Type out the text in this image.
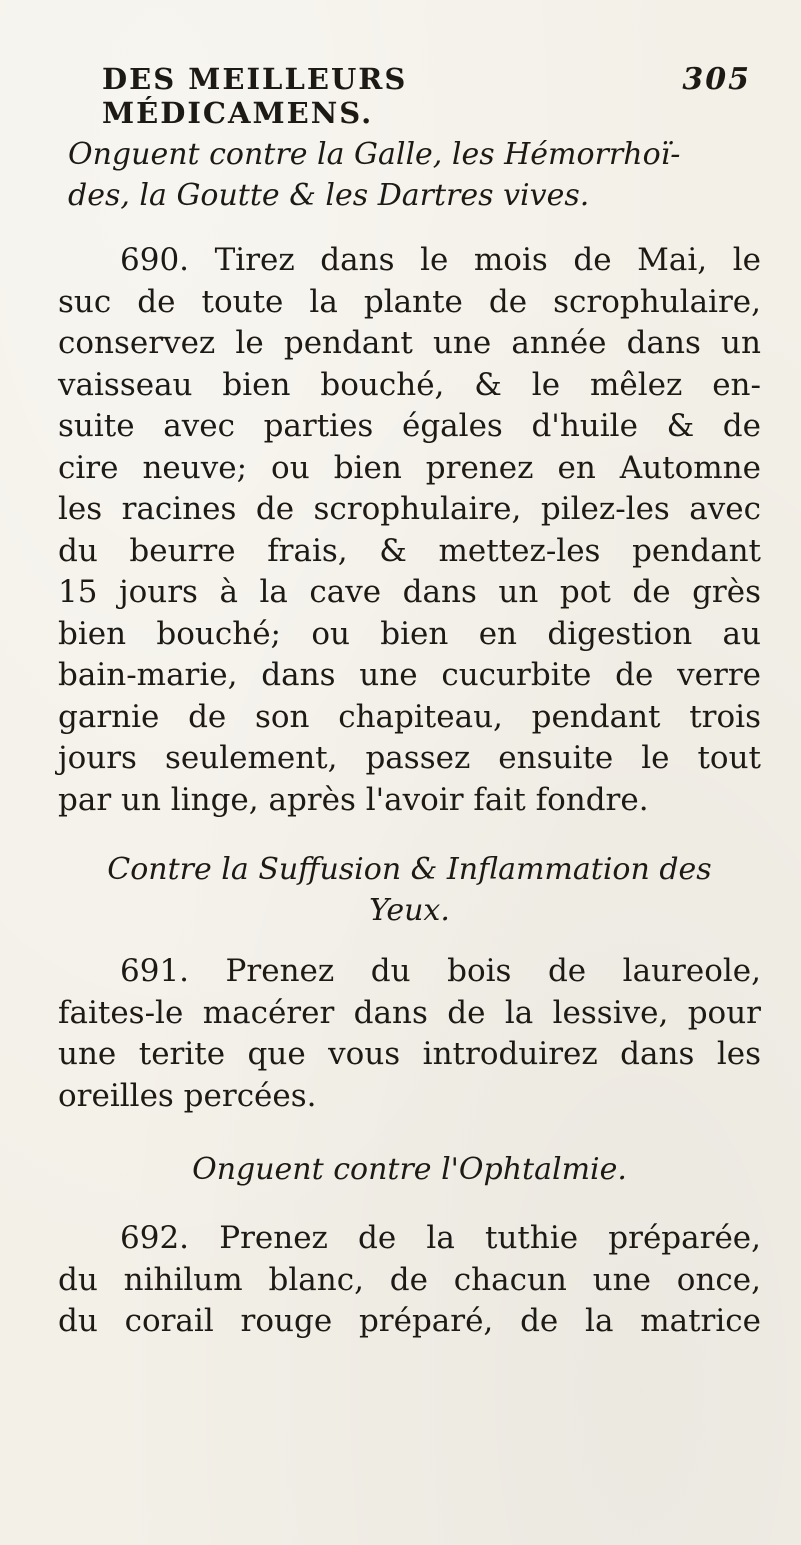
DES MEILLEURS MÉDICAMENS.
305

Onguent contre la Galle, les Hémorrhoï-
des, la Goutte & les Dartres vives.

690. Tirez dans le mois de Mai, le
suc de toute la plante de scrophulaire,
conservez le pendant une année dans un
vaisseau bien bouché, & le mêlez en-
suite avec parties égales d'huile & de
cire neuve; ou bien prenez en Automne
les racines de scrophulaire, pilez-les avec
du beurre frais, & mettez-les pendant
15 jours à la cave dans un pot de grès
bien bouché; ou bien en digestion au
bain-marie, dans une cucurbite de verre
garnie de son chapiteau, pendant trois
jours seulement, passez ensuite le tout
par un linge, après l'avoir fait fondre.

Contre la Suffusion & Inflammation des
Yeux.

691. Prenez du bois de laureole,
faites-le macérer dans de la lessive, pour
une terite que vous introduirez dans les
oreilles percées.

Onguent contre l'Ophtalmie.

692. Prenez de la tuthie préparée,
du nihilum blanc, de chacun une once,
du corail rouge préparé, de la matrice
